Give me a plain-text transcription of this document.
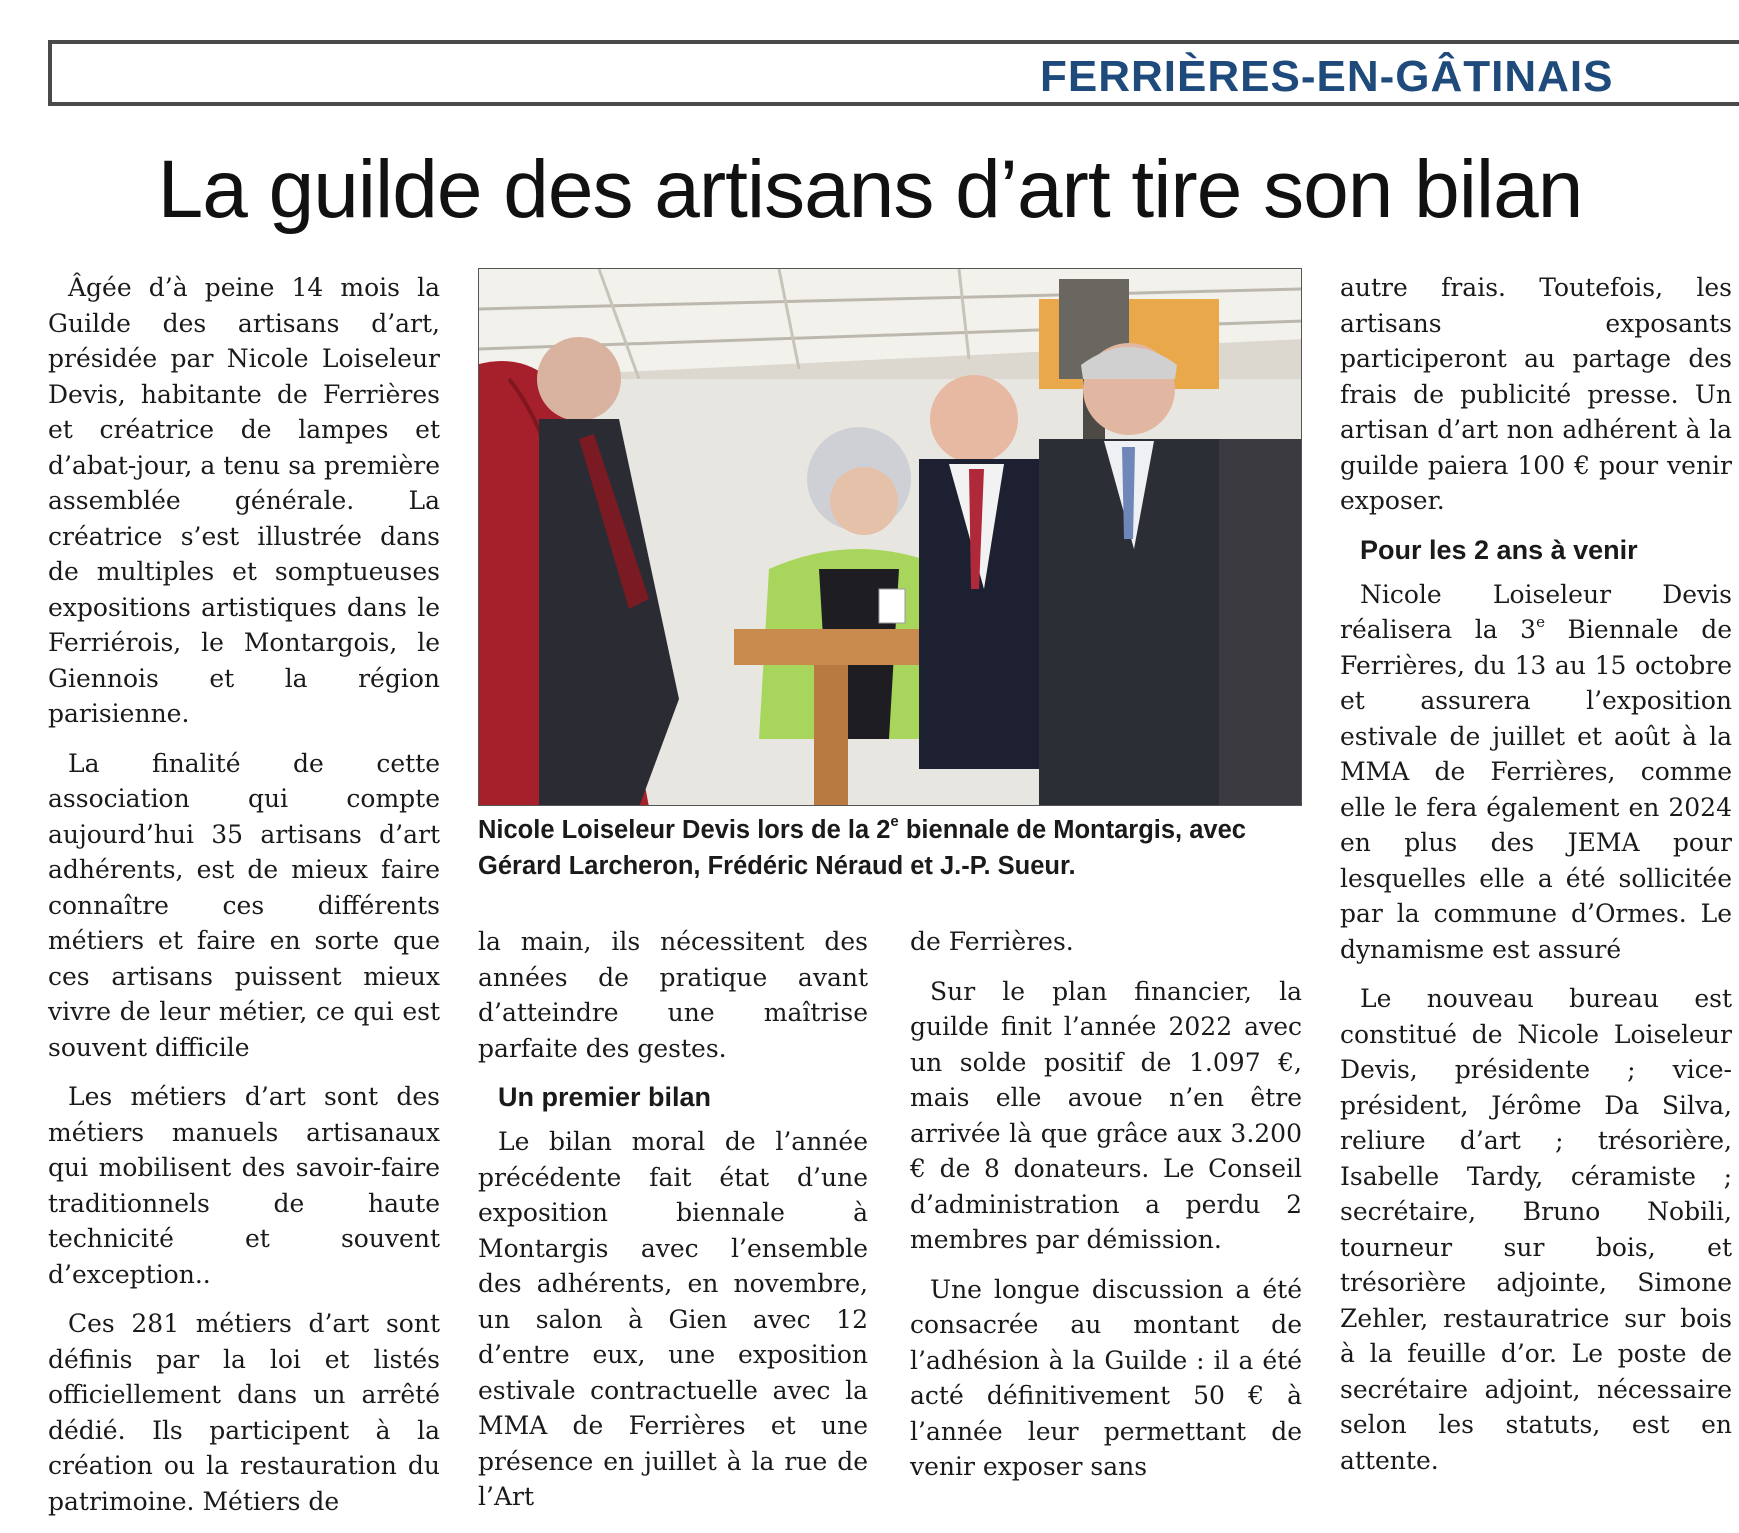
FERRIÈRES-EN-GÂTINAIS
La guilde des artisans d’art tire son bilan

Âgée d’à peine 14 mois la Guilde des artisans d’art, présidée par Nicole Loiseleur Devis, habitante de Ferrières et créatrice de lampes et d’abat-jour, a tenu sa première assemblée générale. La créatrice s’est illustrée dans de multiples et somptueuses expositions artistiques dans le Ferriérois, le Montargois, le Giennois et la région parisienne.

La finalité de cette association qui compte aujourd’hui 35 artisans d’art adhérents, est de mieux faire connaître ces différents métiers et faire en sorte que ces artisans puissent mieux vivre de leur métier, ce qui est souvent difficile

Les métiers d’art sont des métiers manuels artisanaux qui mobilisent des savoir-faire traditionnels de haute technicité et souvent d’exception..

Ces 281 métiers d’art sont définis par la loi et listés officiellement dans un arrêté dédié. Ils participent à la création ou la restauration du patrimoine. Métiers de

Nicole Loiseleur Devis lors de la 2e biennale de Montargis, avec Gérard Larcheron, Frédéric Néraud et J.-P. Sueur.

la main, ils nécessitent des années de pratique avant d’atteindre une maîtrise parfaite des gestes.

Un premier bilan

Le bilan moral de l’année précédente fait état d’une exposition biennale à Montargis avec l’ensemble des adhérents, en novembre, un salon à Gien avec 12 d’entre eux, une exposition estivale contractuelle avec la MMA de Ferrières et une présence en juillet à la rue de l’Art

de Ferrières.

Sur le plan financier, la guilde finit l’année 2022 avec un solde positif de 1.097 €, mais elle avoue n’en être arrivée là que grâce aux 3.200 € de 8 donateurs. Le Conseil d’administration a perdu 2 membres par démission.

Une longue discussion a été consacrée au montant de l’adhésion à la Guilde : il a été acté définitivement 50 € à l’année leur permettant de venir exposer sans

autre frais. Toutefois, les artisans exposants participeront au partage des frais de publicité presse. Un artisan d’art non adhérent à la guilde paiera 100 € pour venir exposer.

Pour les 2 ans à venir

Nicole Loiseleur Devis réalisera la 3e Biennale de Ferrières, du 13 au 15 octobre et assurera l’exposition estivale de juillet et août à la MMA de Ferrières, comme elle le fera également en 2024 en plus des JEMA pour lesquelles elle a été sollicitée par la commune d’Ormes. Le dynamisme est assuré

Le nouveau bureau est constitué de Nicole Loiseleur Devis, présidente ; vice-président, Jérôme Da Silva, reliure d’art ; trésorière, Isabelle Tardy, céramiste ; secrétaire, Bruno Nobili, tourneur sur bois, et trésorière adjointe, Simone Zehler, restauratrice sur bois à la feuille d’or. Le poste de secrétaire adjoint, nécessaire selon les statuts, est en attente.
